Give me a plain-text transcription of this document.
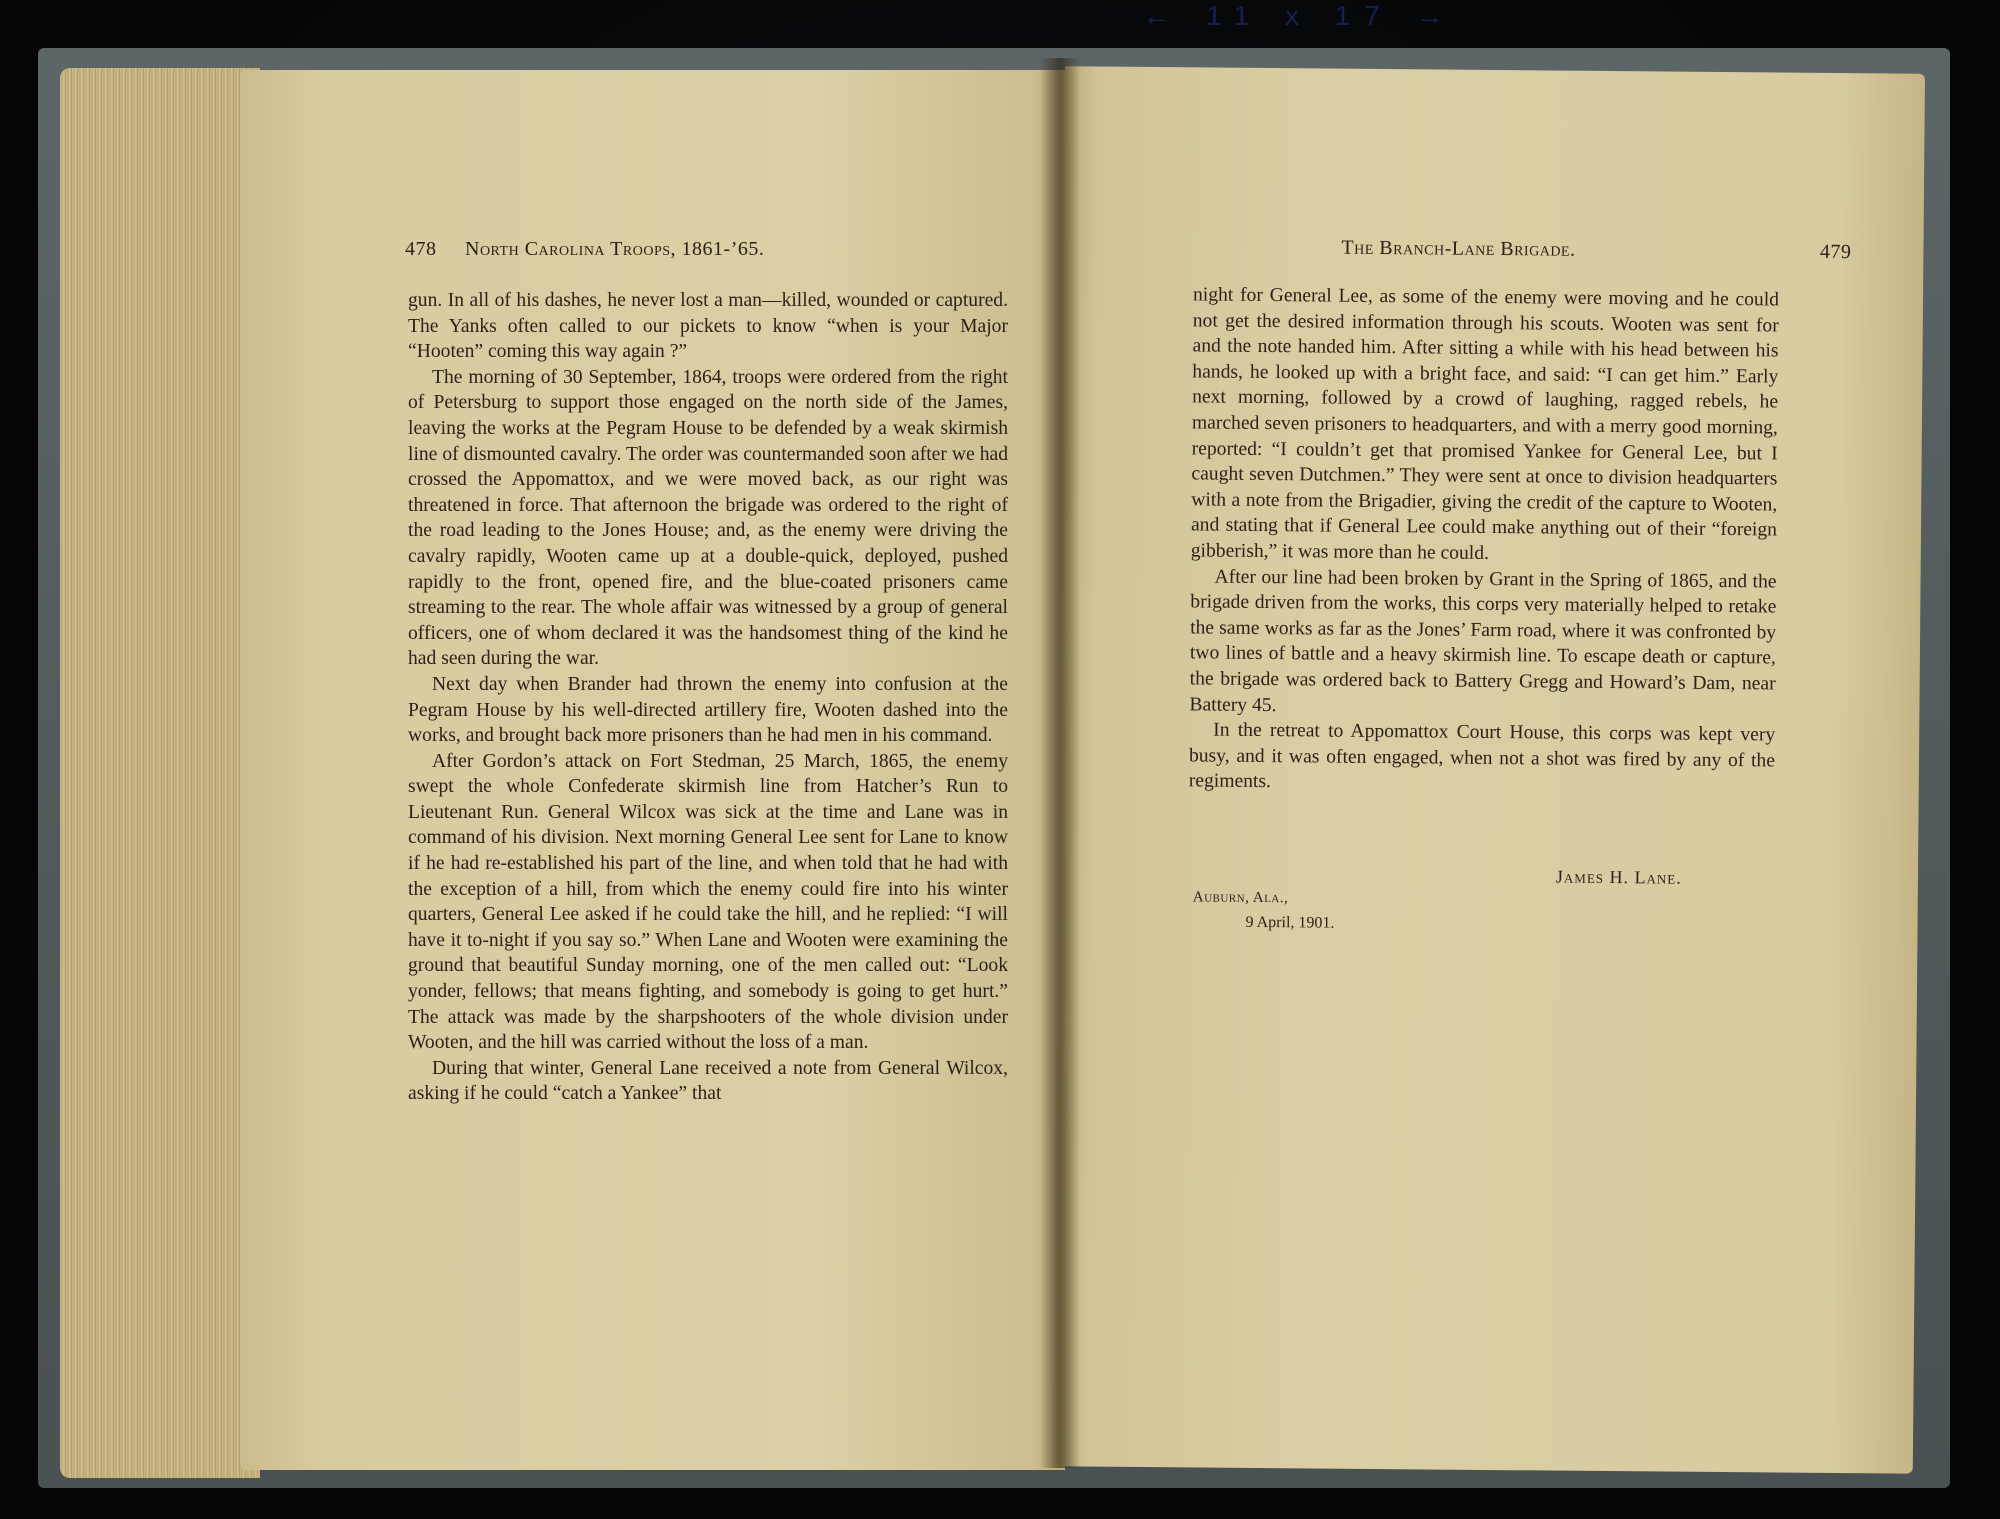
← 11 x 17 →
478 North Carolina Troops, 1861-’65.

gun. In all of his dashes, he never lost a man—killed, wounded or captured. The Yanks often called to our pickets to know “when is your Major “Hooten” coming this way again ?”

The morning of 30 September, 1864, troops were ordered from the right of Petersburg to support those engaged on the north side of the James, leaving the works at the Pegram House to be defended by a weak skirmish line of dismounted cavalry. The order was countermanded soon after we had crossed the Appomattox, and we were moved back, as our right was threatened in force. That afternoon the brigade was ordered to the right of the road leading to the Jones House; and, as the enemy were driving the cavalry rapidly, Wooten came up at a double-quick, deployed, pushed rapidly to the front, opened fire, and the blue-coated prisoners came streaming to the rear. The whole affair was witnessed by a group of general officers, one of whom declared it was the handsomest thing of the kind he had seen during the war.

Next day when Brander had thrown the enemy into confusion at the Pegram House by his well-directed artillery fire, Wooten dashed into the works, and brought back more prisoners than he had men in his command.

After Gordon’s attack on Fort Stedman, 25 March, 1865, the enemy swept the whole Confederate skirmish line from Hatcher’s Run to Lieutenant Run. General Wilcox was sick at the time and Lane was in command of his division. Next morning General Lee sent for Lane to know if he had re-established his part of the line, and when told that he had with the exception of a hill, from which the enemy could fire into his winter quarters, General Lee asked if he could take the hill, and he replied: “I will have it to-night if you say so.” When Lane and Wooten were examining the ground that beautiful Sunday morning, one of the men called out: “Look yonder, fellows; that means fighting, and somebody is going to get hurt.” The attack was made by the sharpshooters of the whole division under Wooten, and the hill was carried without the loss of a man.

During that winter, General Lane received a note from General Wilcox, asking if he could “catch a Yankee” that

The Branch-Lane Brigade.	479

night for General Lee, as some of the enemy were moving and he could not get the desired information through his scouts. Wooten was sent for and the note handed him. After sitting a while with his head between his hands, he looked up with a bright face, and said: “I can get him.” Early next morning, followed by a crowd of laughing, ragged rebels, he marched seven prisoners to headquarters, and with a merry good morning, reported: “I couldn’t get that promised Yankee for General Lee, but I caught seven Dutchmen.” They were sent at once to division headquarters with a note from the Brigadier, giving the credit of the capture to Wooten, and stating that if General Lee could make anything out of their “foreign gibberish,” it was more than he could.

After our line had been broken by Grant in the Spring of 1865, and the brigade driven from the works, this corps very materially helped to retake the same works as far as the Jones’ Farm road, where it was confronted by two lines of battle and a heavy skirmish line. To escape death or capture, the brigade was ordered back to Battery Gregg and Howard’s Dam, near Battery 45.

In the retreat to Appomattox Court House, this corps was kept very busy, and it was often engaged, when not a shot was fired by any of the regiments.

James H. Lane.
Auburn, Ala.,
9 April, 1901.
